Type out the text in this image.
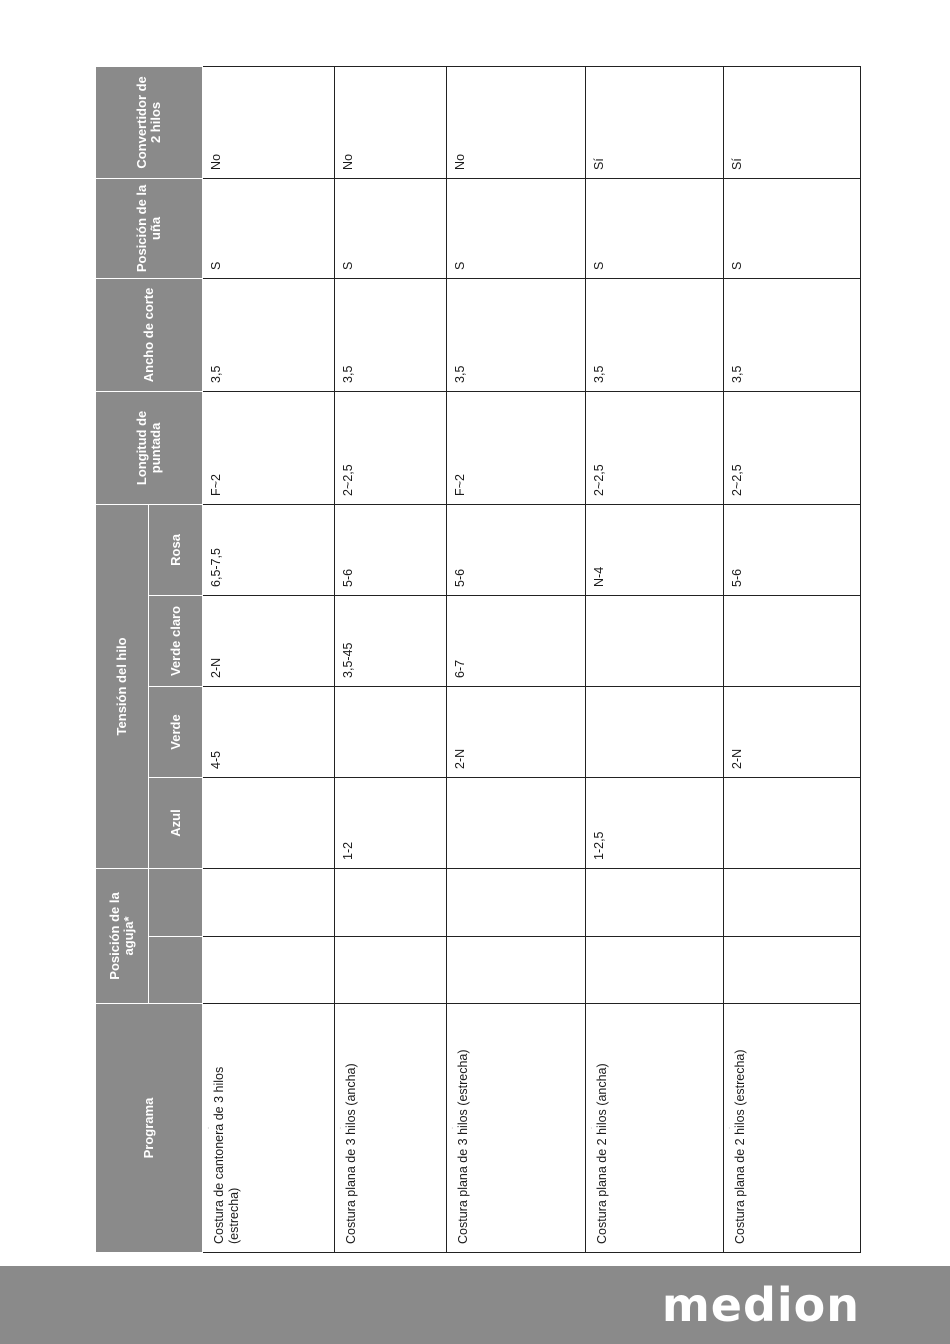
Programa	Posición de la aguja*		Tensión del hilo				Longitud de puntada	Ancho de corte	Posición de la uña	Convertidor de 2 hilos
			Azul	Verde	Verde claro	Rosa				

· Costura de cantonera de 3 hilos (estrecha)				4-5	2-N	6,5-7,5	F~2	3,5	S	No

· Costura plana de 3 hilos (ancha)			1-2		3,5-45	5-6	2~2,5	3,5	S	No

· Costura plana de 3 hilos (estrecha)				2-N	6-7	5-6	F~2	3,5	S	No

· Costura plana de 2 hilos (ancha)			1-2,5			N-4	2~2,5	3,5	S	Sí

· Costura plana de 2 hilos (estrecha)				2-N		5-6	2~2,5	3,5	S	Sí
medion
